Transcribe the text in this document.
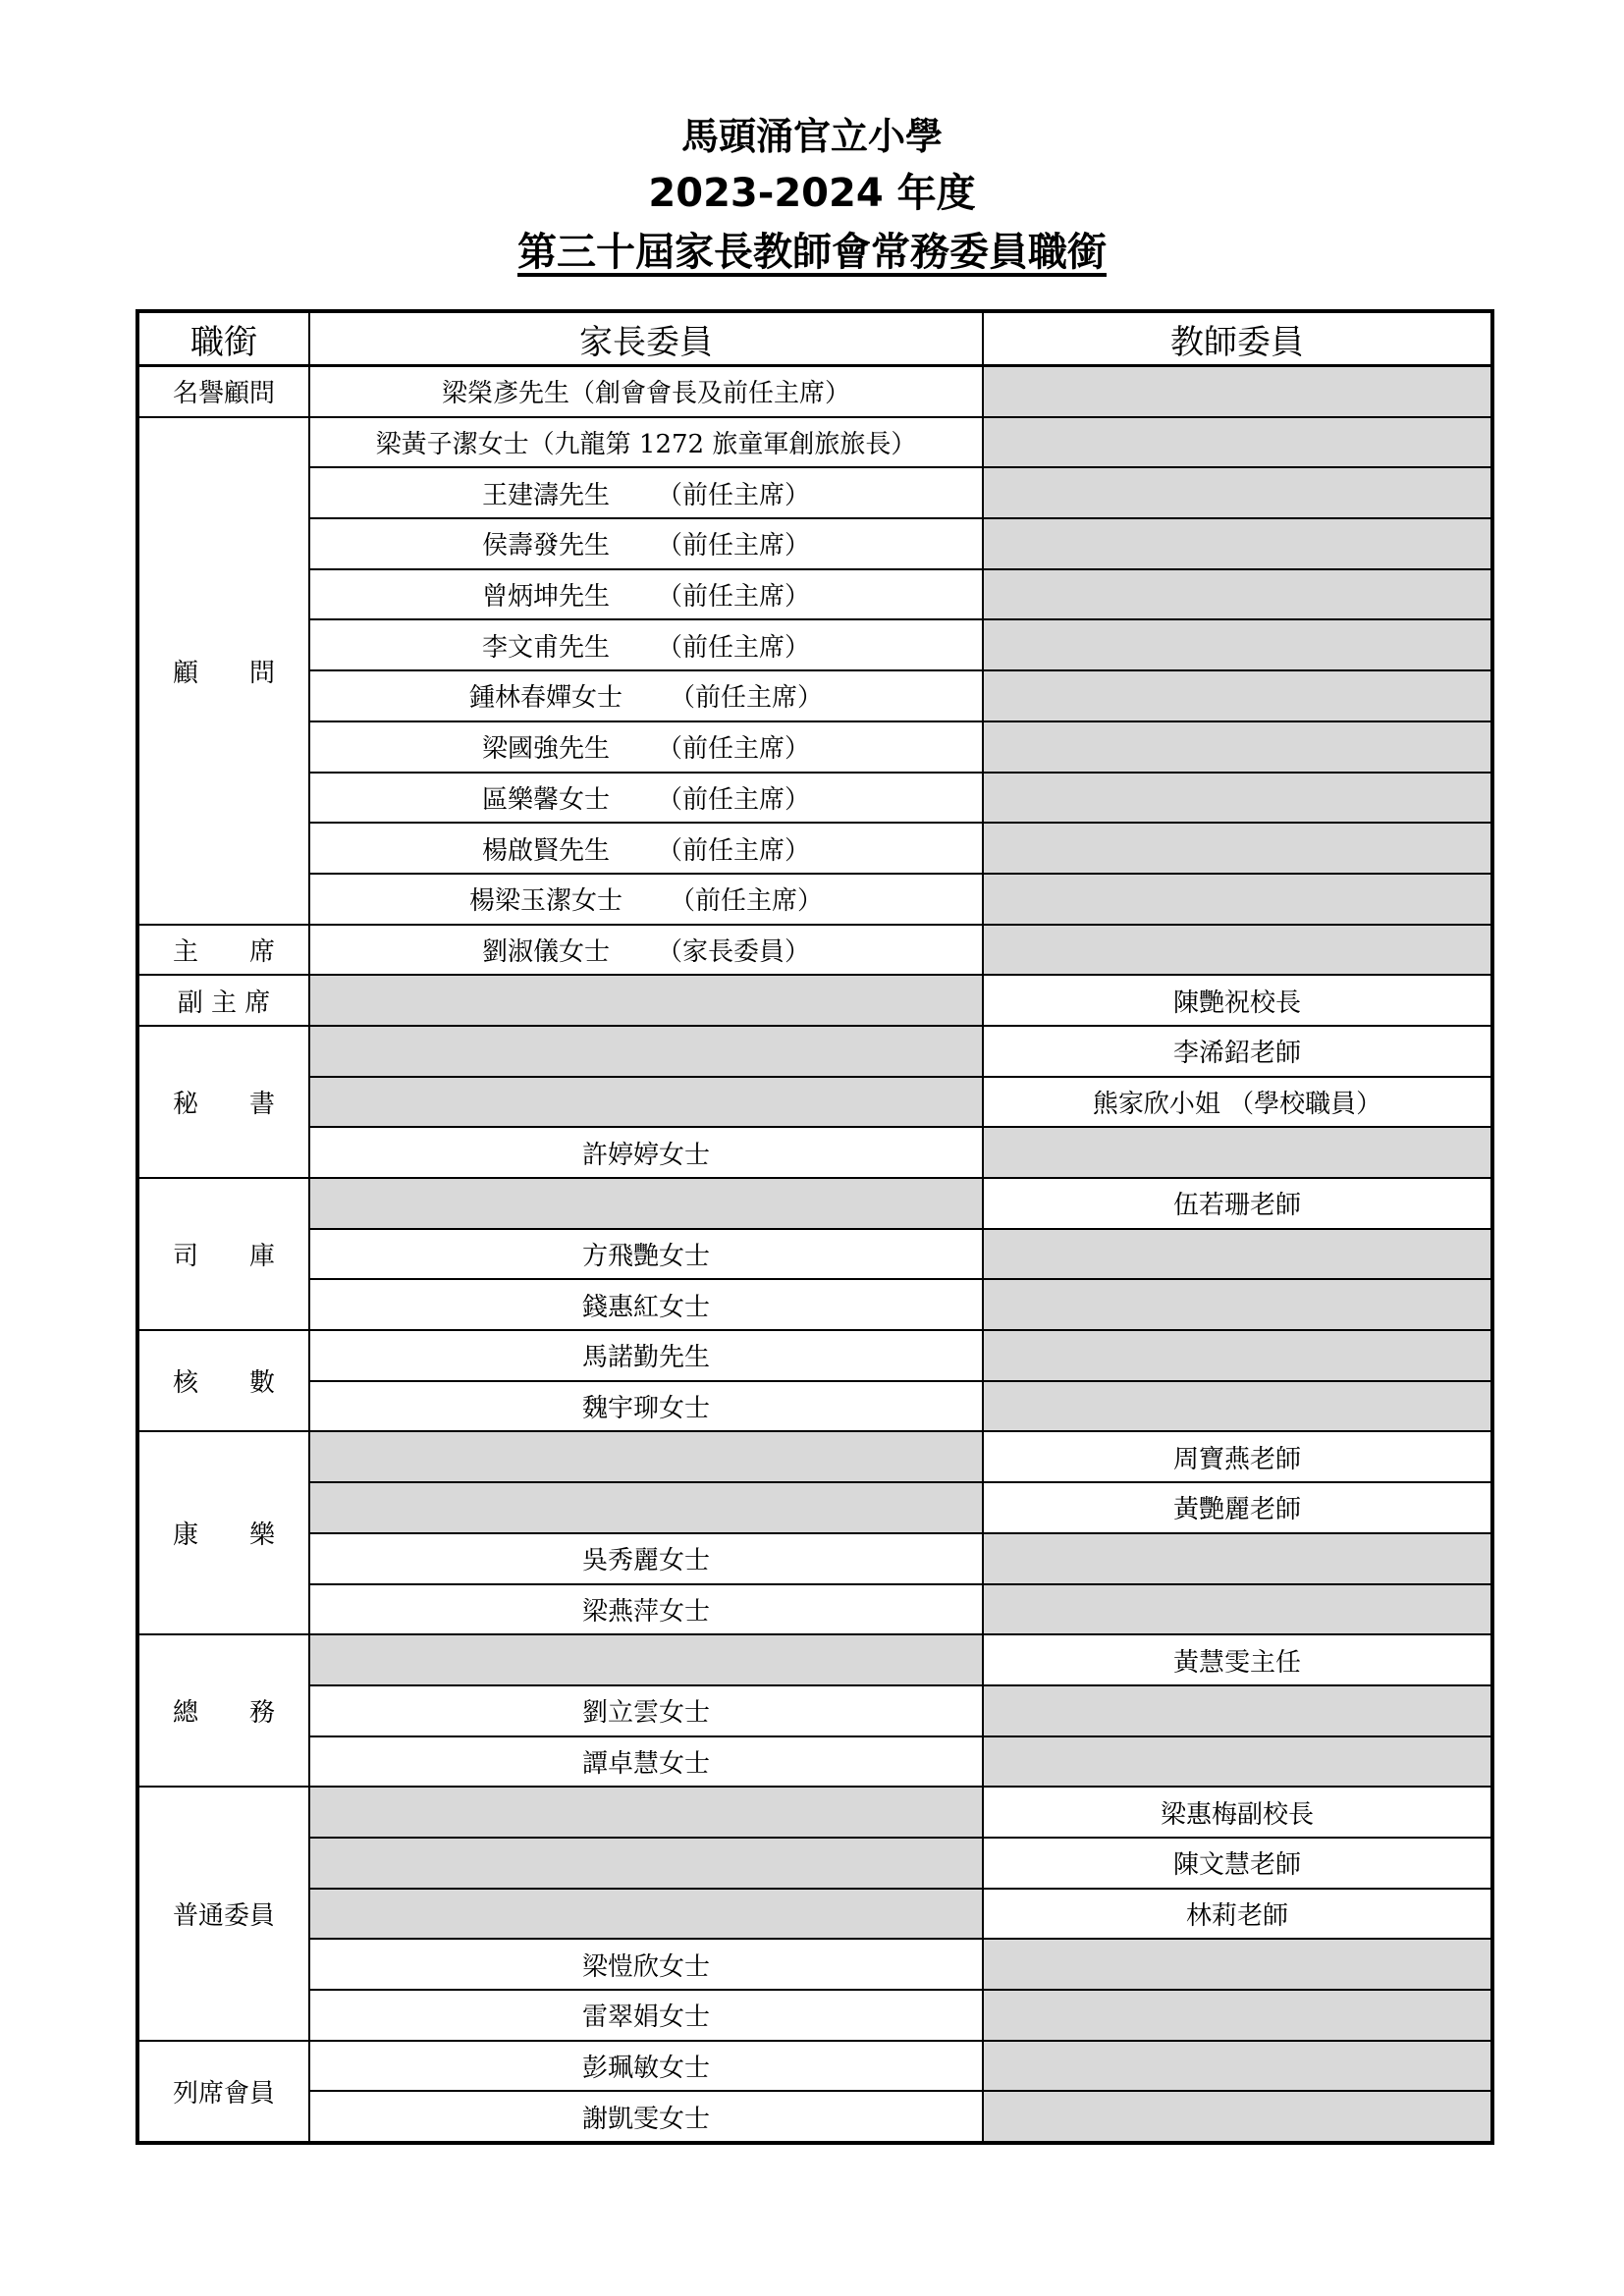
馬頭涌官立小學
2023-2024 年度
第三十屆家長教師會常務委員職銜
職銜	家長委員	教師委員
名譽顧問	梁榮彥先生（創會會長及前任主席）	
顧　　問	梁黃子潔女士（九龍第 1272 旅童軍創旅旅長）	
	王建濤先生 （前任主席）	
	侯壽發先生 （前任主席）	
	曾炳坤先生 （前任主席）	
	李文甫先生 （前任主席）	
	鍾林春嬋女士 （前任主席）	
	梁國強先生 （前任主席）	
	區樂馨女士 （前任主席）	
	楊啟賢先生 （前任主席）	
	楊梁玉潔女士 （前任主席）	
主　　席	劉淑儀女士 （家長委員）	
副 主 席		陳艷祝校長
秘　　書		李浠鉊老師
		熊家欣小姐 （學校職員）
	許婷婷女士	
司　　庫		伍若珊老師
	方飛艷女士	
	錢惠紅女士	
核　　數	馬諾勤先生	
	魏宇珋女士	
康　　樂		周寶燕老師
		黃艷麗老師
	吳秀麗女士	
	梁燕萍女士	
總　　務		黃慧雯主任
	劉立雲女士	
	譚卓慧女士	
普通委員		梁惠梅副校長
		陳文慧老師
		林莉老師
	梁愷欣女士	
	雷翠娟女士	
列席會員	彭珮敏女士	
	謝凱雯女士	
